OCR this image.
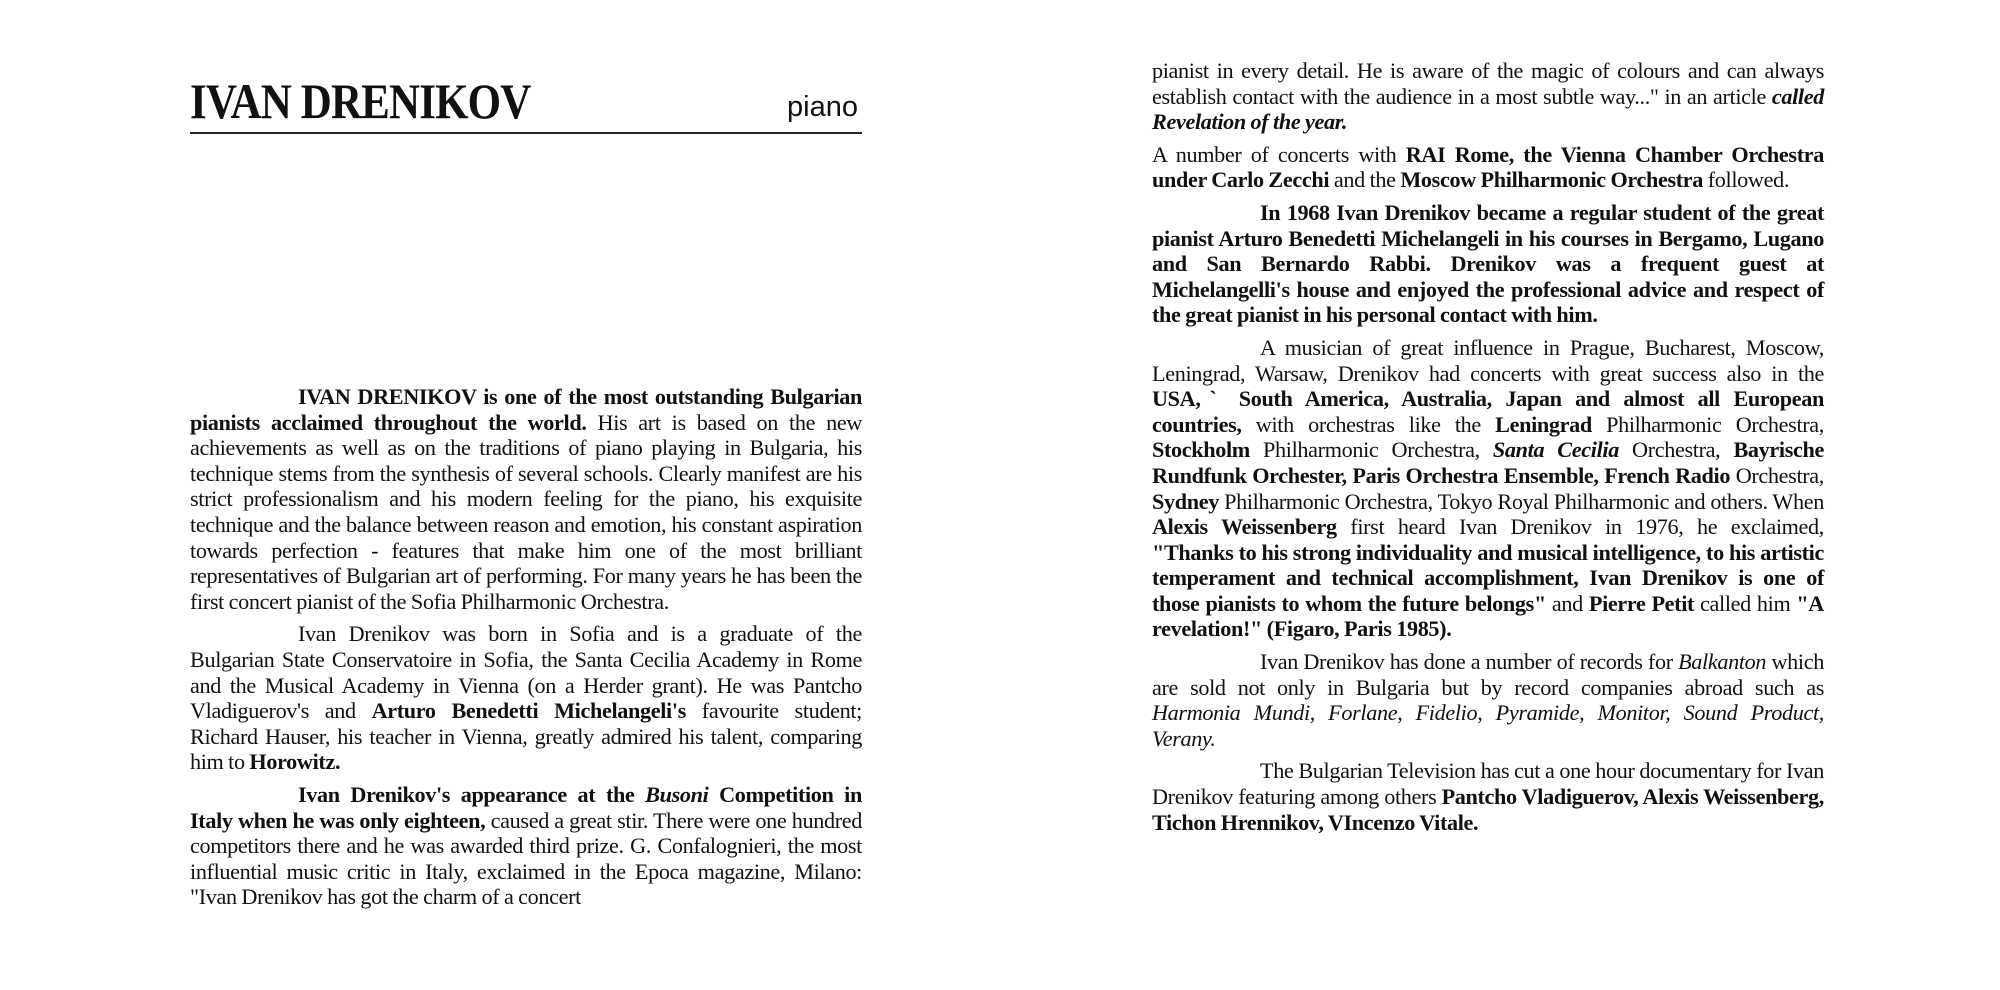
IVAN DRENIKOV	piano

IVAN DRENIKOV is one of the most outstanding Bulgarian pianists acclaimed throughout the world. His art is based on the new achievements as well as on the traditions of piano playing in Bulgaria, his technique stems from the synthesis of several schools. Clearly manifest are his strict professionalism and his modern feeling for the piano, his exquisite technique and the balance between reason and emotion, his constant aspiration towards perfection - features that make him one of the most brilliant representatives of Bulgarian art of performing. For many years he has been the first concert pianist of the Sofia Philharmonic Orchestra.

Ivan Drenikov was born in Sofia and is a graduate of the Bulgarian State Conservatoire in Sofia, the Santa Cecilia Academy in Rome and the Musical Academy in Vienna (on a Herder grant). He was Pantcho Vladiguerov's and Arturo Benedetti Michelangeli's favourite student; Richard Hauser, his teacher in Vienna, greatly admired his talent, comparing him to Horowitz.

Ivan Drenikov's appearance at the Busoni Competition in Italy when he was only eighteen, caused a great stir. There were one hundred competitors there and he was awarded third prize. G. Confalognieri, the most influential music critic in Italy, exclaimed in the Epoca magazine, Milano: "Ivan Drenikov has got the charm of a concert

pianist in every detail. He is aware of the magic of colours and can always establish contact with the audience in a most subtle way..." in an article called Revelation of the year.

A number of concerts with RAI Rome, the Vienna Chamber Orchestra under Carlo Zecchi and the Moscow Philharmonic Orchestra followed.

In 1968 Ivan Drenikov became a regular student of the great pianist Arturo Benedetti Michelangeli in his courses in Bergamo, Lugano and San Bernardo Rabbi. Drenikov was a frequent guest at Michelangelli's house and enjoyed the professional advice and respect of the great pianist in his personal contact with him.

A musician of great influence in Prague, Bucharest, Moscow, Leningrad, Warsaw, Drenikov had concerts with great success also in the USA,ˋ South America, Australia, Japan and almost all European countries, with orchestras like the Leningrad Philharmonic Orchestra, Stockholm Philharmonic Orchestra, Santa Cecilia Orchestra, Bayrische Rundfunk Orchester, Paris Orchestra Ensemble, French Radio Orchestra, Sydney Philharmonic Orchestra, Tokyo Royal Philharmonic and others. When Alexis Weissenberg first heard Ivan Drenikov in 1976, he exclaimed, "Thanks to his strong individuality and musical intelligence, to his artistic temperament and technical accomplishment, Ivan Drenikov is one of those pianists to whom the future belongs" and Pierre Petit called him "A revelation!" (Figaro, Paris 1985).

Ivan Drenikov has done a number of records for Balkanton which are sold not only in Bulgaria but by record companies abroad such as Harmonia Mundi, Forlane, Fidelio, Pyramide, Monitor, Sound Product, Verany.

The Bulgarian Television has cut a one hour documentary for Ivan Drenikov featuring among others Pantcho Vladiguerov, Alexis Weissenberg, Tichon Hrennikov, VIncenzo Vitale.
